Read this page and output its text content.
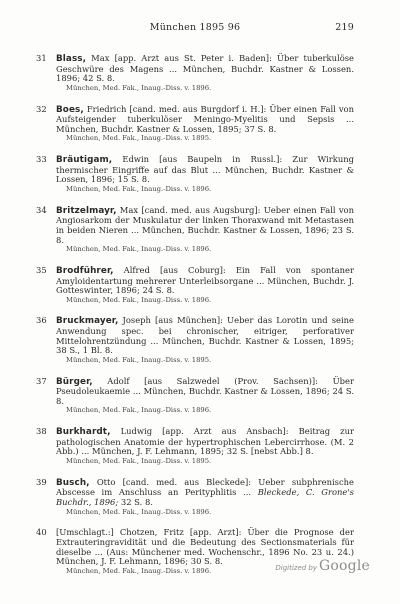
München 1895 96	219
31 Blass, Max [app. Arzt aus St. Peter i. Baden]: Über tuberkulöse Geschwüre des Magens ... München, Buchdr. Kastner & Lossen. 1896; 42 S. 8.
München, Med. Fak., Inaug.-Diss. v. 1896.
32 Boes, Friedrich [cand. med. aus Burgdorf i. H.]: Über einen Fall von Aufsteigender tuberkulöser Meningo-Myelitis und Sepsis ... München, Buchdr. Kastner & Lossen, 1895; 37 S. 8.
München, Med. Fak., Inaug.-Diss. v. 1895.
33 Bräutigam, Edwin [aus Baupeln in Russl.]: Zur Wirkung thermischer Eingriffe auf das Blut ... München, Buchdr. Kastner & Lossen, 1896; 15 S. 8.
München, Med. Fak., Inaug.-Diss. v. 1896.
34 Britzelmayr, Max [cand. med. aus Augsburg]: Ueber einen Fall von Angiosarkom der Muskulatur der linken Thoraxwand mit Metastasen in beiden Nieren ... München, Buchdr. Kastner & Lossen, 1896; 23 S. 8.
München, Med. Fak., Inaug.-Diss. v. 1896.
35 Brodführer, Alfred [aus Coburg]: Ein Fall von spontaner Amyloidentartung mehrerer Unterleibsorgane ... München, Buchdr. J. Gotteswinter, 1896; 24 S. 8.
München, Med. Fak., Inaug.-Diss. v. 1896.
36 Bruckmayer, Joseph [aus München]: Ueber das Lorotin und seine Anwendung spec. bei chronischer, eitriger, perforativer Mittelohrentzündung ... München, Buchdr. Kastner & Lossen, 1895; 38 S., 1 Bl. 8.
München, Med. Fak., Inaug.-Diss. v. 1895.
37 Bürger, Adolf [aus Salzwedel (Prov. Sachsen)]: Über Pseudoleukaemie ... München, Buchdr. Kastner & Lossen, 1896; 24 S. 8.
München, Med. Fak., Inaug.-Diss. v. 1896.
38 Burkhardt, Ludwig [app. Arzt aus Ansbach]: Beitrag zur pathologischen Anatomie der hypertrophischen Lebercirrhose. (M. 2 Abb.) ... München, J. F. Lehmann, 1895; 32 S. [nebst Abb.] 8.
München, Med. Fak., Inaug.-Diss. v. 1895.
39 Busch, Otto [cand. med. aus Bleckede]: Ueber subphrenische Abscesse im Anschluss an Perityphlitis ... Bleckede, C. Grone's Buchdr., 1896; 32 S. 8.
München, Med. Fak., Inaug.-Diss. v. 1896.
40 [Umschlagt.:] Chotzen, Fritz [app. Arzt]: Über die Prognose der Extrauteringravidität und die Bedeutung des Sectionsmaterials für dieselbe ... (Aus: Münchener med. Wochenschr., 1896 No. 23 u. 24.) München, J. F. Lehmann, 1896; 30 S. 8.
München, Med. Fak., Inaug.-Diss. v. 1896.	Digitized by Google
